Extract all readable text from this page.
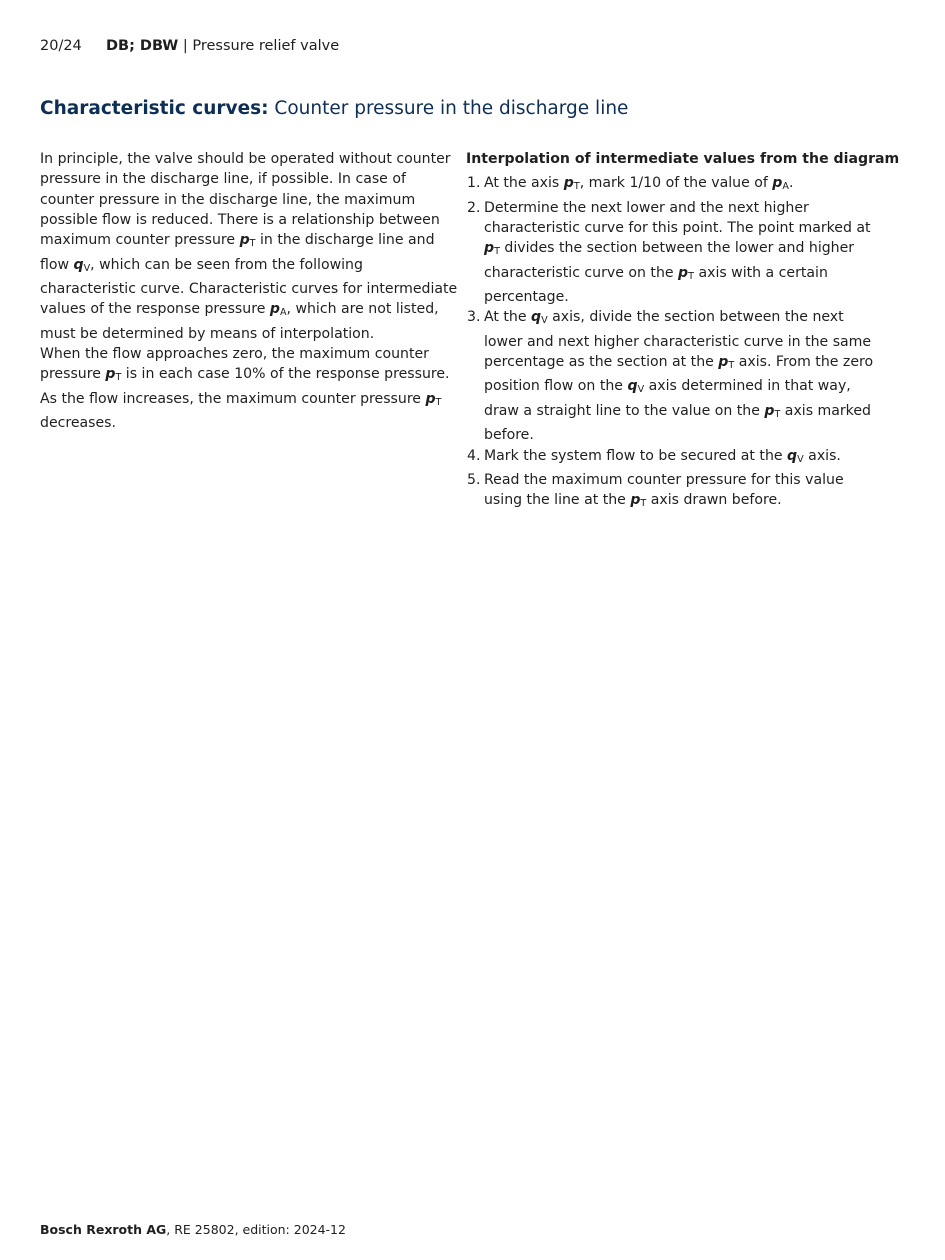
20/24 DB; DBW | Pressure relief valve
Characteristic curves: Counter pressure in the discharge line
In principle, the valve should be operated without counter
pressure in the discharge line, if possible. In case of
counter pressure in the discharge line, the maximum
possible flow is reduced. There is a relationship between
maximum counter pressure $p_T$ in the discharge line and
flow $q_V$, which can be seen from the following
characteristic curve. Characteristic curves for intermediate
values of the response pressure $p_A$, which are not listed,
must be determined by means of interpolation.
When the flow approaches zero, the maximum counter
pressure $p_T$ is in each case 10% of the response pressure.
As the flow increases, the maximum counter pressure $p_T$
decreases.
Interpolation of intermediate values from the diagram
1. At the axis $p_T$, mark 1/10 of the value of $p_A$.
2. Determine the next lower and the next higher
characteristic curve for this point. The point marked at
$p_T$ divides the section between the lower and higher
characteristic curve on the $p_T$ axis with a certain
percentage.
3. At the $q_V$ axis, divide the section between the next
lower and next higher characteristic curve in the same
percentage as the section at the $p_T$ axis. From the zero
position flow on the $q_V$ axis determined in that way,
draw a straight line to the value on the $p_T$ axis marked
before.
4. Mark the system flow to be secured at the $q_V$ axis.
5. Read the maximum counter pressure for this value
using the line at the $p_T$ axis drawn before.
Bosch Rexroth AG, RE 25802, edition: 2024-12
